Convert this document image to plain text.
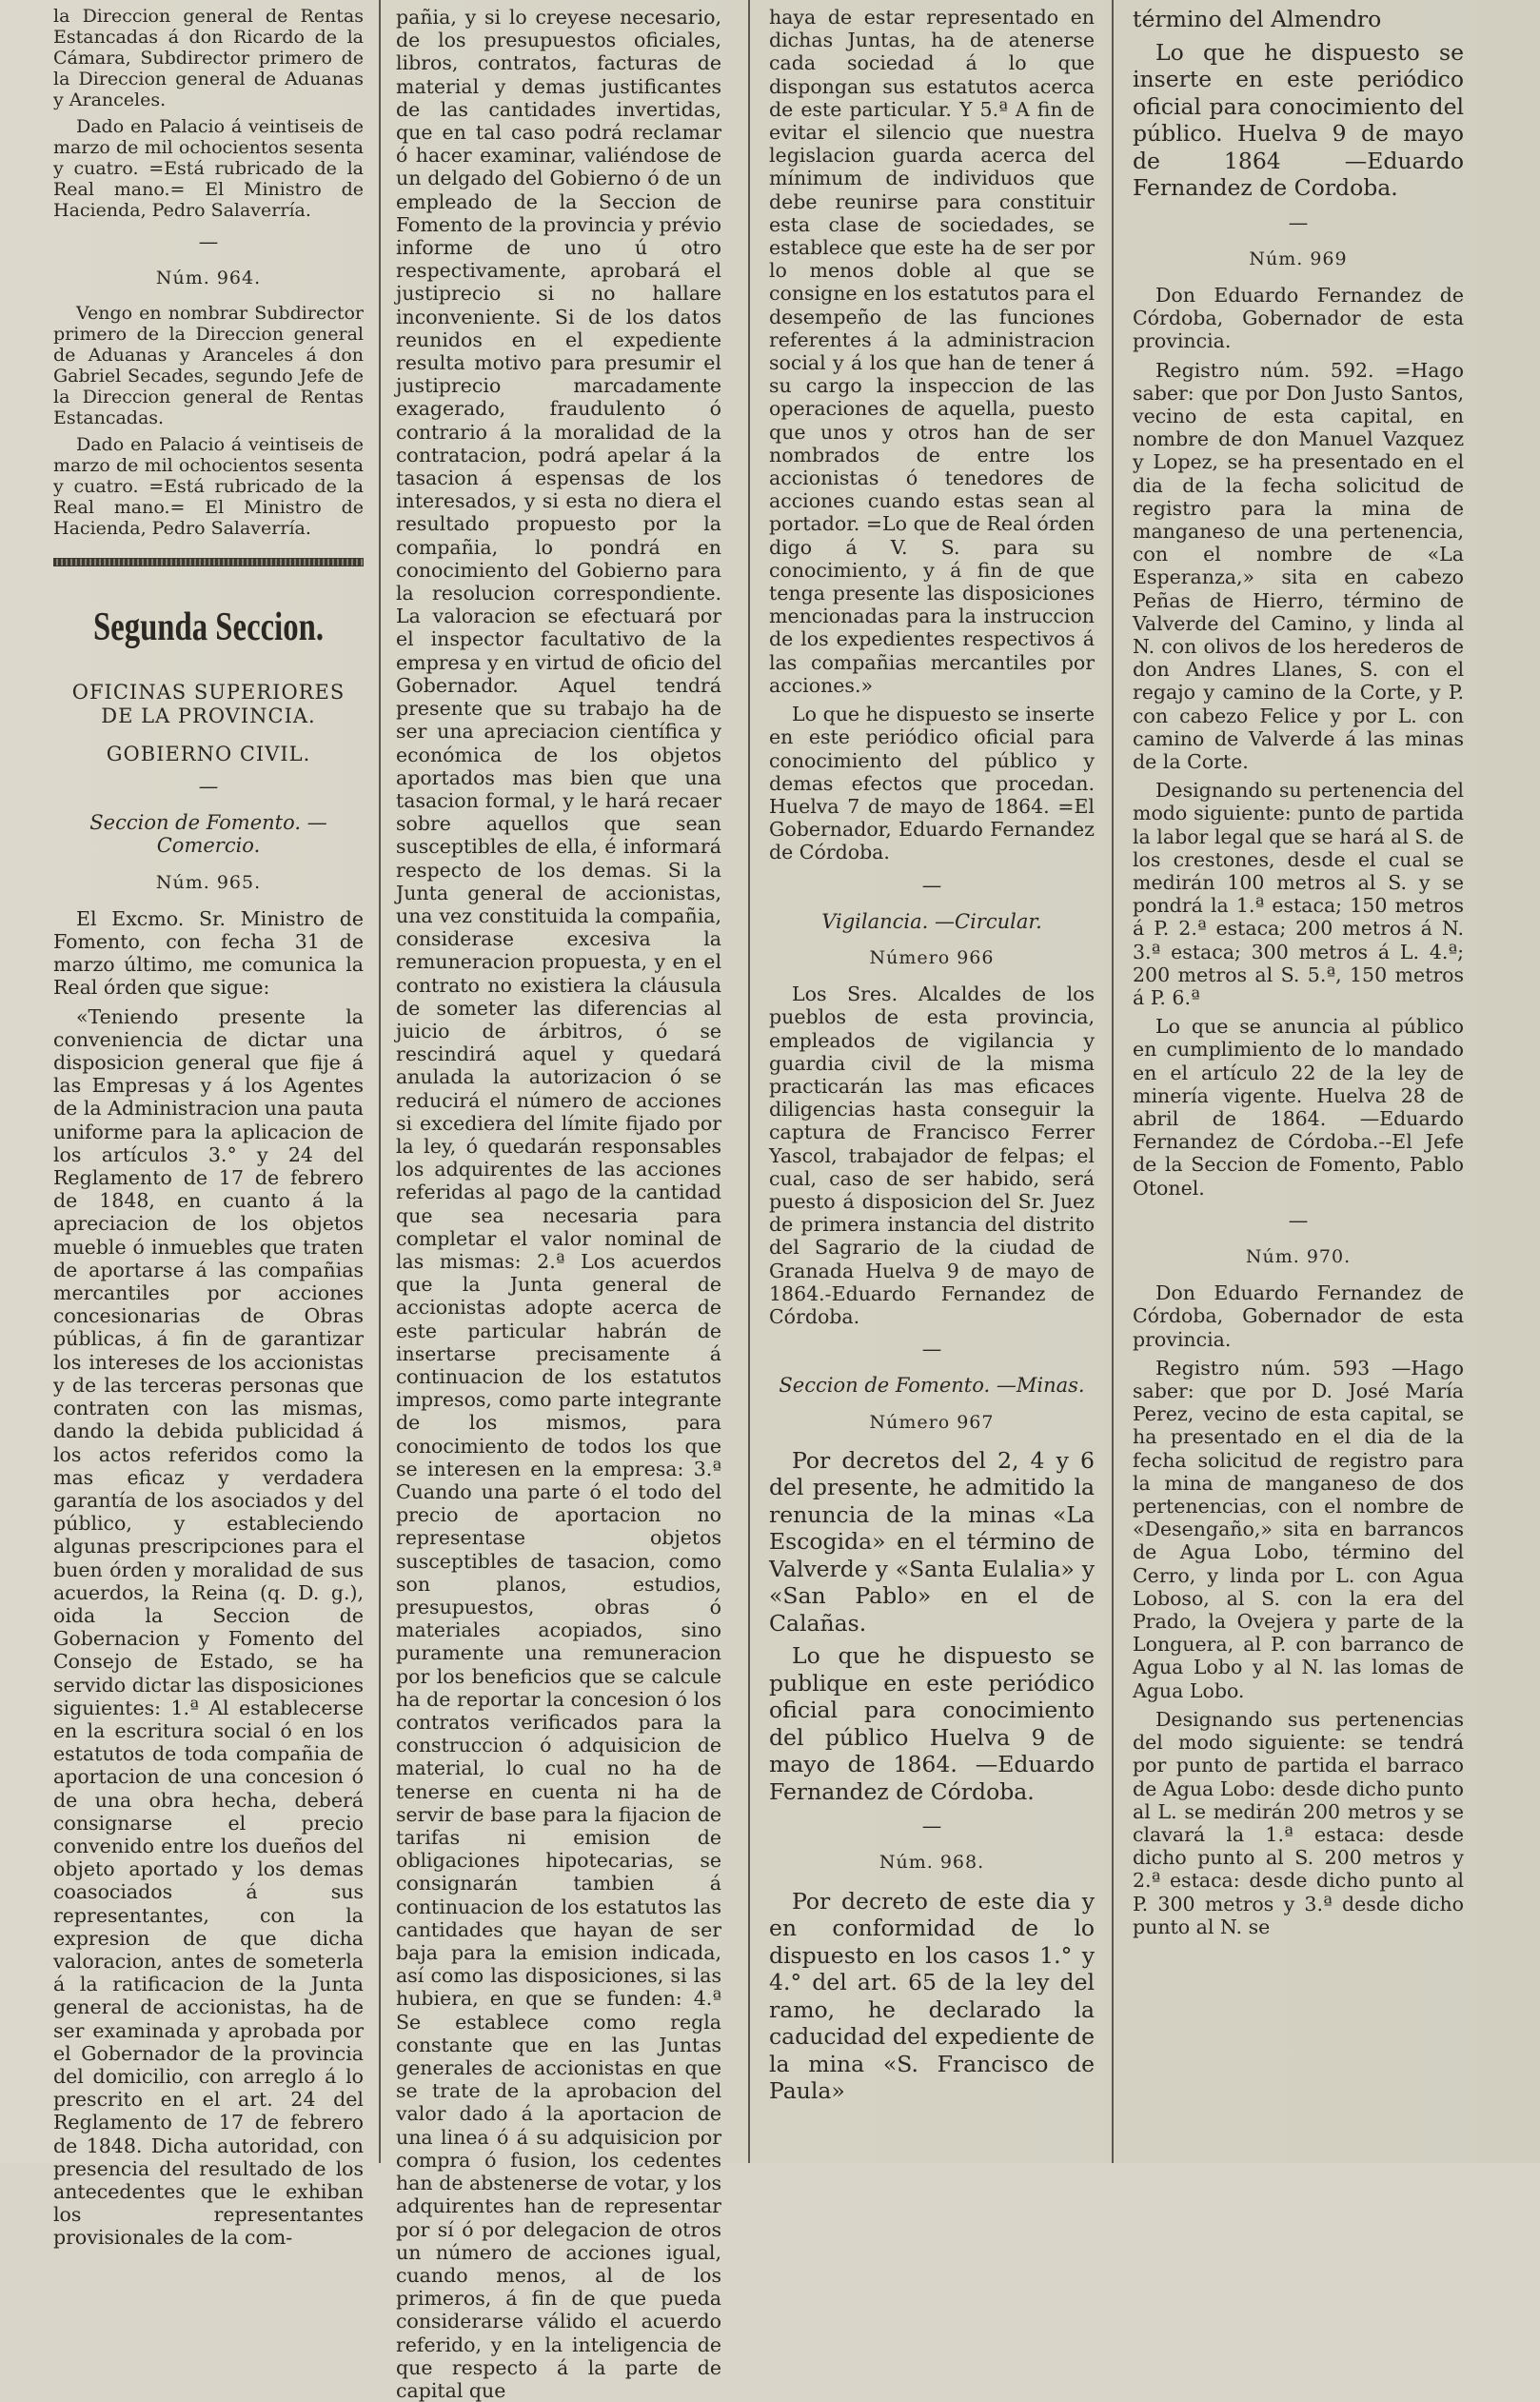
la Direccion general de Rentas Estancadas á don Ricardo de la Cámara, Subdirector primero de la Direccion general de Aduanas y Aranceles.

Dado en Palacio á veintiseis de marzo de mil ochocientos sesenta y cuatro. =Está rubricado de la Real mano.= El Ministro de Hacienda, Pedro Salaverría.

—

Núm. 964.

Vengo en nombrar Subdirector primero de la Direccion general de Aduanas y Aranceles á don Gabriel Secades, segundo Jefe de la Direccion general de Rentas Estancadas.

Dado en Palacio á veintiseis de marzo de mil ochocientos sesenta y cuatro. =Está rubricado de la Real mano.= El Ministro de Hacienda, Pedro Salaverría.

Segunda Seccion.
OFICINAS SUPERIORES DE LA PROVINCIA.
GOBIERNO CIVIL.

—

Seccion de Fomento. —Comercio.

Núm. 965.

El Excmo. Sr. Ministro de Fomento, con fecha 31 de marzo último, me comunica la Real órden que sigue:

«Teniendo presente la conveniencia de dictar una disposicion general que fije á las Empresas y á los Agentes de la Administracion una pauta uniforme para la aplicacion de los artículos 3.° y 24 del Reglamento de 17 de febrero de 1848, en cuanto á la apreciacion de los objetos mueble ó inmuebles que traten de aportarse á las compañias mercantiles por acciones concesionarias de Obras públicas, á fin de garantizar los intereses de los accionistas y de las terceras personas que contraten con las mismas, dando la debida publicidad á los actos referidos como la mas eficaz y verdadera garantía de los asociados y del público, y estableciendo algunas prescripciones para el buen órden y moralidad de sus acuerdos, la Reina (q. D. g.), oida la Seccion de Gobernacion y Fomento del Consejo de Estado, se ha servido dictar las disposiciones siguientes: 1.ª Al establecerse en la escritura social ó en los estatutos de toda compañia de aportacion de una concesion ó de una obra hecha, deberá consignarse el precio convenido entre los dueños del objeto aportado y los demas coasociados á sus representantes, con la expresion de que dicha valoracion, antes de someterla á la ratificacion de la Junta general de accionistas, ha de ser examinada y aprobada por el Gobernador de la provincia del domicilio, con arreglo á lo prescrito en el art. 24 del Reglamento de 17 de febrero de 1848. Dicha autoridad, con presencia del resultado de los antecedentes que le exhiban los representantes provisionales de la com-

pañia, y si lo creyese necesario, de los presupuestos oficiales, libros, contratos, facturas de material y demas justificantes de las cantidades invertidas, que en tal caso podrá reclamar ó hacer examinar, valiéndose de un delgado del Gobierno ó de un empleado de la Seccion de Fomento de la provincia y prévio informe de uno ú otro respectivamente, aprobará el justiprecio si no hallare inconveniente. Si de los datos reunidos en el expediente resulta motivo para presumir el justiprecio marcadamente exagerado, fraudulento ó contrario á la moralidad de la contratacion, podrá apelar á la tasacion á espensas de los interesados, y si esta no diera el resultado propuesto por la compañia, lo pondrá en conocimiento del Gobierno para la resolucion correspondiente. La valoracion se efectuará por el inspector facultativo de la empresa y en virtud de oficio del Gobernador. Aquel tendrá presente que su trabajo ha de ser una apreciacion científica y económica de los objetos aportados mas bien que una tasacion formal, y le hará recaer sobre aquellos que sean susceptibles de ella, é informará respecto de los demas. Si la Junta general de accionistas, una vez constituida la compañia, considerase excesiva la remuneracion propuesta, y en el contrato no existiera la cláusula de someter las diferencias al juicio de árbitros, ó se rescindirá aquel y quedará anulada la autorizacion ó se reducirá el número de acciones si excediera del límite fijado por la ley, ó quedarán responsables los adquirentes de las acciones referidas al pago de la cantidad que sea necesaria para completar el valor nominal de las mismas: 2.ª Los acuerdos que la Junta general de accionistas adopte acerca de este particular habrán de insertarse precisamente á continuacion de los estatutos impresos, como parte integrante de los mismos, para conocimiento de todos los que se interesen en la empresa: 3.ª Cuando una parte ó el todo del precio de aportacion no representase objetos susceptibles de tasacion, como son planos, estudios, presupuestos, obras ó materiales acopiados, sino puramente una remuneracion por los beneficios que se calcule ha de reportar la concesion ó los contratos verificados para la construccion ó adquisicion de material, lo cual no ha de tenerse en cuenta ni ha de servir de base para la fijacion de tarifas ni emision de obligaciones hipotecarias, se consignarán tambien á continuacion de los estatutos las cantidades que hayan de ser baja para la emision indicada, así como las disposiciones, si las hubiera, en que se funden: 4.ª Se establece como regla constante que en las Juntas generales de accionistas en que se trate de la aprobacion del valor dado á la aportacion de una linea ó á su adquisicion por compra ó fusion, los cedentes han de abstenerse de votar, y los adquirentes han de representar por sí ó por delegacion de otros un número de acciones igual, cuando menos, al de los primeros, á fin de que pueda considerarse válido el acuerdo referido, y en la inteligencia de que respecto á la parte de capital que

haya de estar representado en dichas Juntas, ha de atenerse cada sociedad á lo que dispongan sus estatutos acerca de este particular. Y 5.ª A fin de evitar el silencio que nuestra legislacion guarda acerca del mínimum de individuos que debe reunirse para constituir esta clase de sociedades, se establece que este ha de ser por lo menos doble al que se consigne en los estatutos para el desempeño de las funciones referentes á la administracion social y á los que han de tener á su cargo la inspeccion de las operaciones de aquella, puesto que unos y otros han de ser nombrados de entre los accionistas ó tenedores de acciones cuando estas sean al portador. =Lo que de Real órden digo á V. S. para su conocimiento, y á fin de que tenga presente las disposiciones mencionadas para la instruccion de los expedientes respectivos á las compañias mercantiles por acciones.»

Lo que he dispuesto se inserte en este periódico oficial para conocimiento del público y demas efectos que procedan. Huelva 7 de mayo de 1864. =El Gobernador, Eduardo Fernandez de Córdoba.

—

Vigilancia. —Circular.

Número 966

Los Sres. Alcaldes de los pueblos de esta provincia, empleados de vigilancia y guardia civil de la misma practicarán las mas eficaces diligencias hasta conseguir la captura de Francisco Ferrer Yascol, trabajador de felpas; el cual, caso de ser habido, será puesto á disposicion del Sr. Juez de primera instancia del distrito del Sagrario de la ciudad de Granada Huelva 9 de mayo de 1864.-Eduardo Fernandez de Córdoba.

—

Seccion de Fomento. —Minas.

Número 967

Por decretos del 2, 4 y 6 del presente, he admitido la renuncia de la minas «La Escogida» en el término de Valverde y «Santa Eulalia» y «San Pablo» en el de Calañas.

Lo que he dispuesto se publique en este periódico oficial para conocimiento del público Huelva 9 de mayo de 1864. —Eduardo Fernandez de Córdoba.

—

Núm. 968.

Por decreto de este dia y en conformidad de lo dispuesto en los casos 1.° y 4.° del art. 65 de la ley del ramo, he declarado la caducidad del expediente de la mina «S. Francisco de Paula»

término del Almendro

Lo que he dispuesto se inserte en este periódico oficial para conocimiento del público. Huelva 9 de mayo de 1864 —Eduardo Fernandez de Cordoba.

—

Núm. 969

Don Eduardo Fernandez de Córdoba, Gobernador de esta provincia.

Registro núm. 592. =Hago saber: que por Don Justo Santos, vecino de esta capital, en nombre de don Manuel Vazquez y Lopez, se ha presentado en el dia de la fecha solicitud de registro para la mina de manganeso de una pertenencia, con el nombre de «La Esperanza,» sita en cabezo Peñas de Hierro, término de Valverde del Camino, y linda al N. con olivos de los herederos de don Andres Llanes, S. con el regajo y camino de la Corte, y P. con cabezo Felice y por L. con camino de Valverde á las minas de la Corte.

Designando su pertenencia del modo siguiente: punto de partida la labor legal que se hará al S. de los crestones, desde el cual se medirán 100 metros al S. y se pondrá la 1.ª estaca; 150 metros á P. 2.ª estaca; 200 metros á N. 3.ª estaca; 300 metros á L. 4.ª; 200 metros al S. 5.ª, 150 metros á P. 6.ª

Lo que se anuncia al público en cumplimiento de lo mandado en el artículo 22 de la ley de minería vigente. Huelva 28 de abril de 1864. —Eduardo Fernandez de Córdoba.--El Jefe de la Seccion de Fomento, Pablo Otonel.

—

Núm. 970.

Don Eduardo Fernandez de Córdoba, Gobernador de esta provincia.

Registro núm. 593 —Hago saber: que por D. José María Perez, vecino de esta capital, se ha presentado en el dia de la fecha solicitud de registro para la mina de manganeso de dos pertenencias, con el nombre de «Desengaño,» sita en barrancos de Agua Lobo, término del Cerro, y linda por L. con Agua Loboso, al S. con la era del Prado, la Ovejera y parte de la Longuera, al P. con barranco de Agua Lobo y al N. las lomas de Agua Lobo.

Designando sus pertenencias del modo siguiente: se tendrá por punto de partida el barraco de Agua Lobo: desde dicho punto al L. se medirán 200 metros y se clavará la 1.ª estaca: desde dicho punto al S. 200 metros y 2.ª estaca: desde dicho punto al P. 300 metros y 3.ª desde dicho punto al N. se
